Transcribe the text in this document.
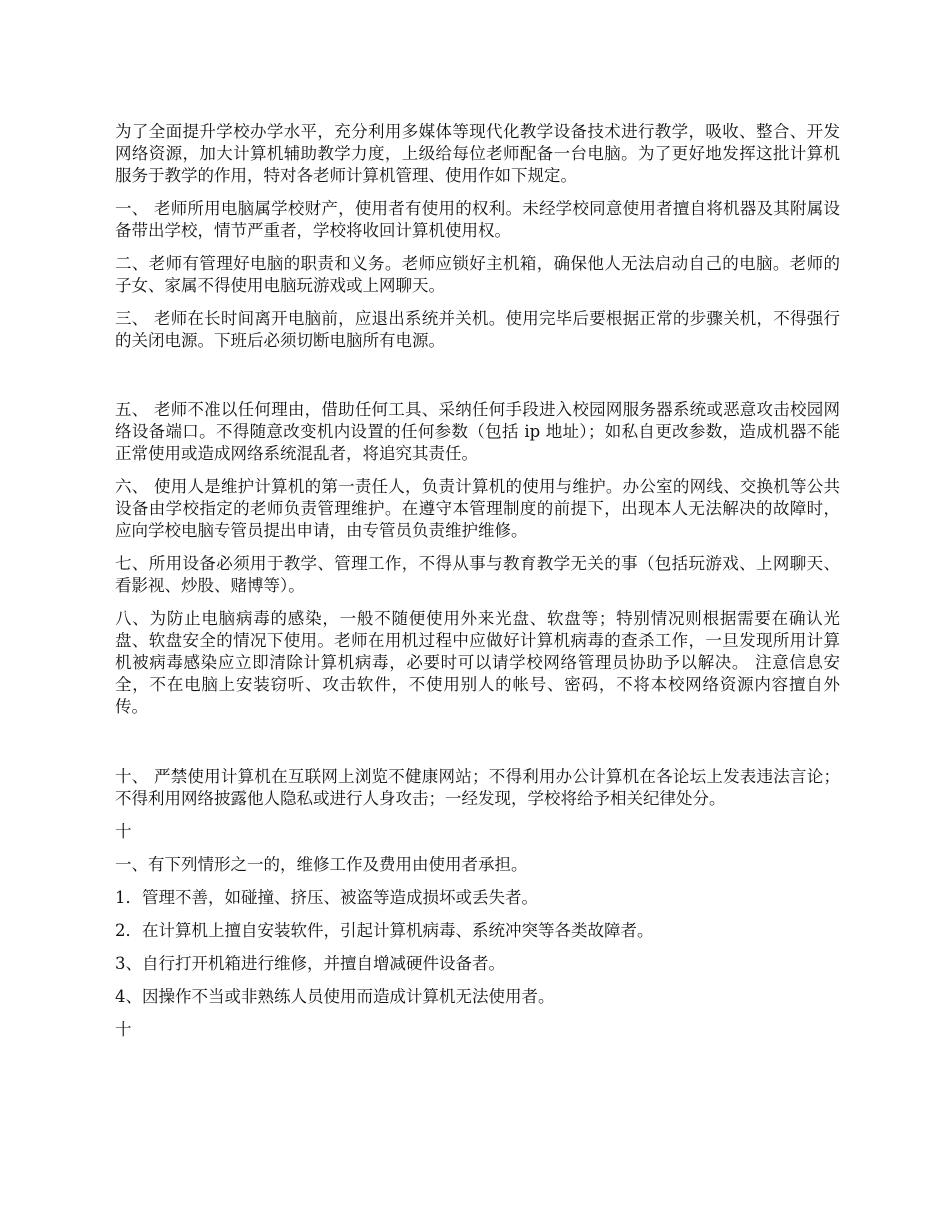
为了全面提升学校办学水平，充分利用多媒体等现代化教学设备技术进行教学，吸收、整合、开发网络资源，加大计算机辅助教学力度，上级给每位老师配备一台电脑。为了更好地发挥这批计算机服务于教学的作用，特对各老师计算机管理、使用作如下规定。

一、 老师所用电脑属学校财产，使用者有使用的权利。未经学校同意使用者擅自将机器及其附属设备带出学校，情节严重者，学校将收回计算机使用权。

二、老师有管理好电脑的职责和义务。老师应锁好主机箱，确保他人无法启动自己的电脑。老师的子女、家属不得使用电脑玩游戏或上网聊天。

三、 老师在长时间离开电脑前，应退出系统并关机。使用完毕后要根据正常的步骤关机，不得强行的关闭电源。下班后必须切断电脑所有电源。

五、 老师不准以任何理由，借助任何工具、采纳任何手段进入校园网服务器系统或恶意攻击校园网络设备端口。不得随意改变机内设置的任何参数（包括 ip 地址）；如私自更改参数，造成机器不能正常使用或造成网络系统混乱者，将追究其责任。

六、 使用人是维护计算机的第一责任人，负责计算机的使用与维护。办公室的网线、交换机等公共设备由学校指定的老师负责管理维护。在遵守本管理制度的前提下，出现本人无法解决的故障时，应向学校电脑专管员提出申请，由专管员负责维护维修。

七、所用设备必须用于教学、管理工作，不得从事与教育教学无关的事（包括玩游戏、上网聊天、看影视、炒股、赌博等）。

八、为防止电脑病毒的感染，一般不随便使用外来光盘、软盘等；特别情况则根据需要在确认光盘、软盘安全的情况下使用。老师在用机过程中应做好计算机病毒的查杀工作，一旦发现所用计算机被病毒感染应立即清除计算机病毒，必要时可以请学校网络管理员协助予以解决。 注意信息安全，不在电脑上安装窃听、攻击软件，不使用别人的帐号、密码，不将本校网络资源内容擅自外传。

十、 严禁使用计算机在互联网上浏览不健康网站；不得利用办公计算机在各论坛上发表违法言论；不得利用网络披露他人隐私或进行人身攻击；一经发现，学校将给予相关纪律处分。

十

一、有下列情形之一的，维修工作及费用由使用者承担。

1．管理不善，如碰撞、挤压、被盗等造成损坏或丢失者。

2．在计算机上擅自安装软件，引起计算机病毒、系统冲突等各类故障者。

3、自行打开机箱进行维修，并擅自增减硬件设备者。

4、因操作不当或非熟练人员使用而造成计算机无法使用者。

十
